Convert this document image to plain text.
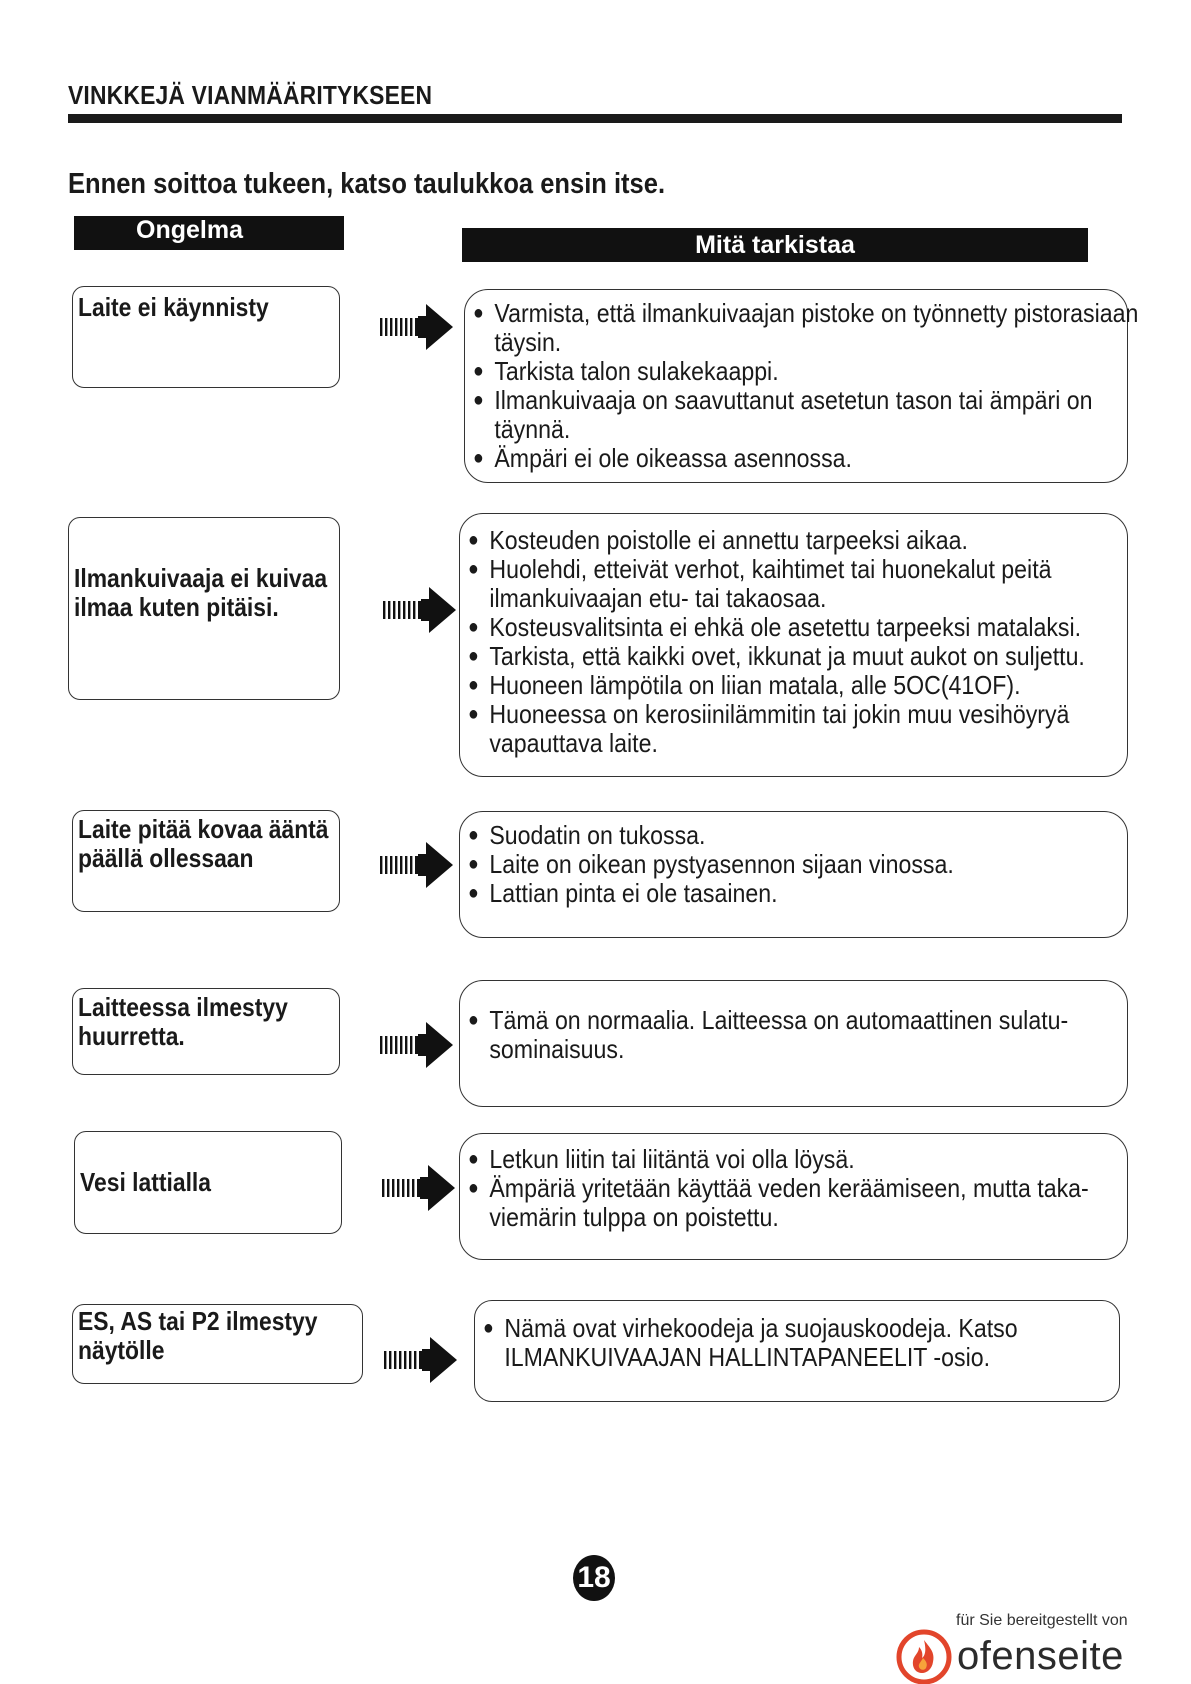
VINKKEJÄ VIANMÄÄRITYKSEEN
Ennen soittoa tukeen, katso taulukkoa ensin itse.
Ongelma
Mitä tarkistaa
Laite ei käynnisty
●	Varmista, että ilmankuivaajan pistoke on työnnetty pistorasiaan
täysin.
● Tarkista talon sulakekaappi.
● Ilmankuivaaja on saavuttanut asetetun tason tai ämpäri on
täynnä.
● Ämpäri ei ole oikeassa asennossa.
Ilmankuivaaja ei kuivaa
ilmaa kuten pitäisi.
● Kosteuden poistolle ei annettu tarpeeksi aikaa.
● Huolehdi, etteivät verhot, kaihtimet tai huonekalut peitä
ilmankuivaajan etu- tai takaosaa.
● Kosteusvalitsinta ei ehkä ole asetettu tarpeeksi matalaksi.
● Tarkista, että kaikki ovet, ikkunat ja muut aukot on suljettu.
● Huoneen lämpötila on liian matala, alle 5OC(41OF).
● Huoneessa on kerosiinilämmitin tai jokin muu vesihöyryä
vapauttava laite.
Laite pitää kovaa ääntä
päällä ollessaan
● Suodatin on tukossa.
● Laite on oikean pystyasennon sijaan vinossa.
● Lattian pinta ei ole tasainen.
Laitteessa ilmestyy
huurretta.
● Tämä on normaalia. Laitteessa on automaattinen sulatu-
sominaisuus.
Vesi lattialla
● Letkun liitin tai liitäntä voi olla löysä.
● Ämpäriä yritetään käyttää veden keräämiseen, mutta taka-
viemärin tulppa on poistettu.
ES, AS tai P2 ilmestyy
näytölle
● Nämä ovat virhekoodeja ja suojauskoodeja. Katso
ILMANKUIVAAJAN HALLINTAPANEELIT -osio.
18
für Sie bereitgestellt von
ofenseite
